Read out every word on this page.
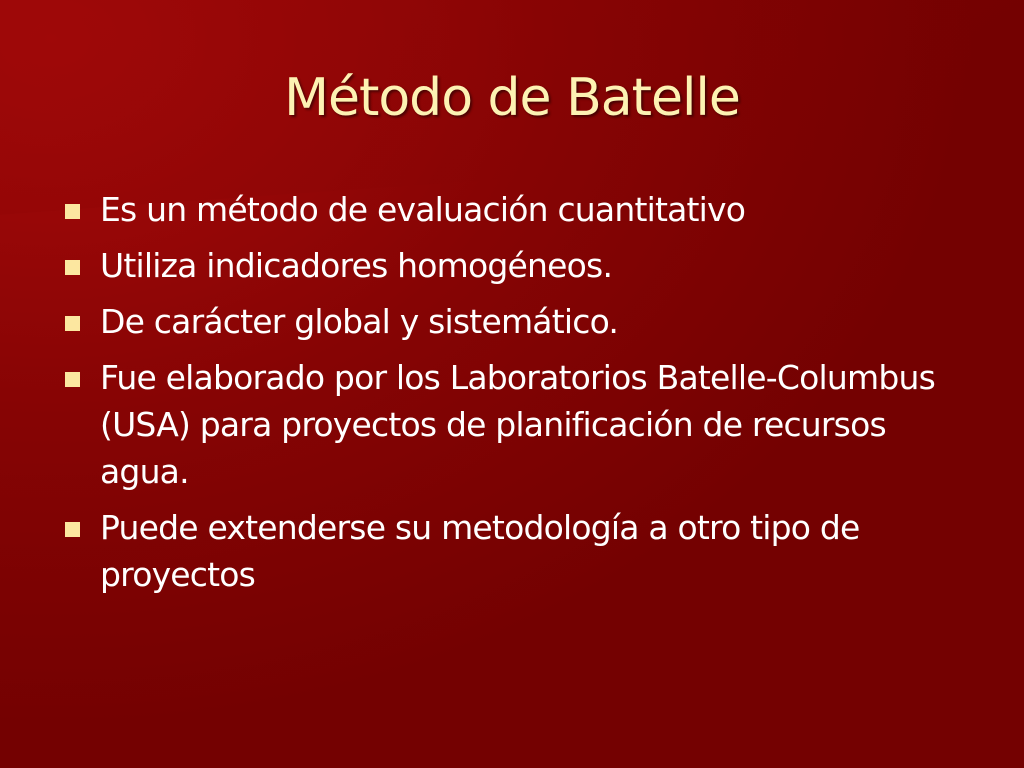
Método de Batelle
Es un método de evaluación cuantitativo
Utiliza indicadores homogéneos.
De carácter global y sistemático.
Fue elaborado por los Laboratorios Batelle-Columbus (USA) para proyectos de planificación de recursos agua.
Puede extenderse su metodología a otro tipo de proyectos
